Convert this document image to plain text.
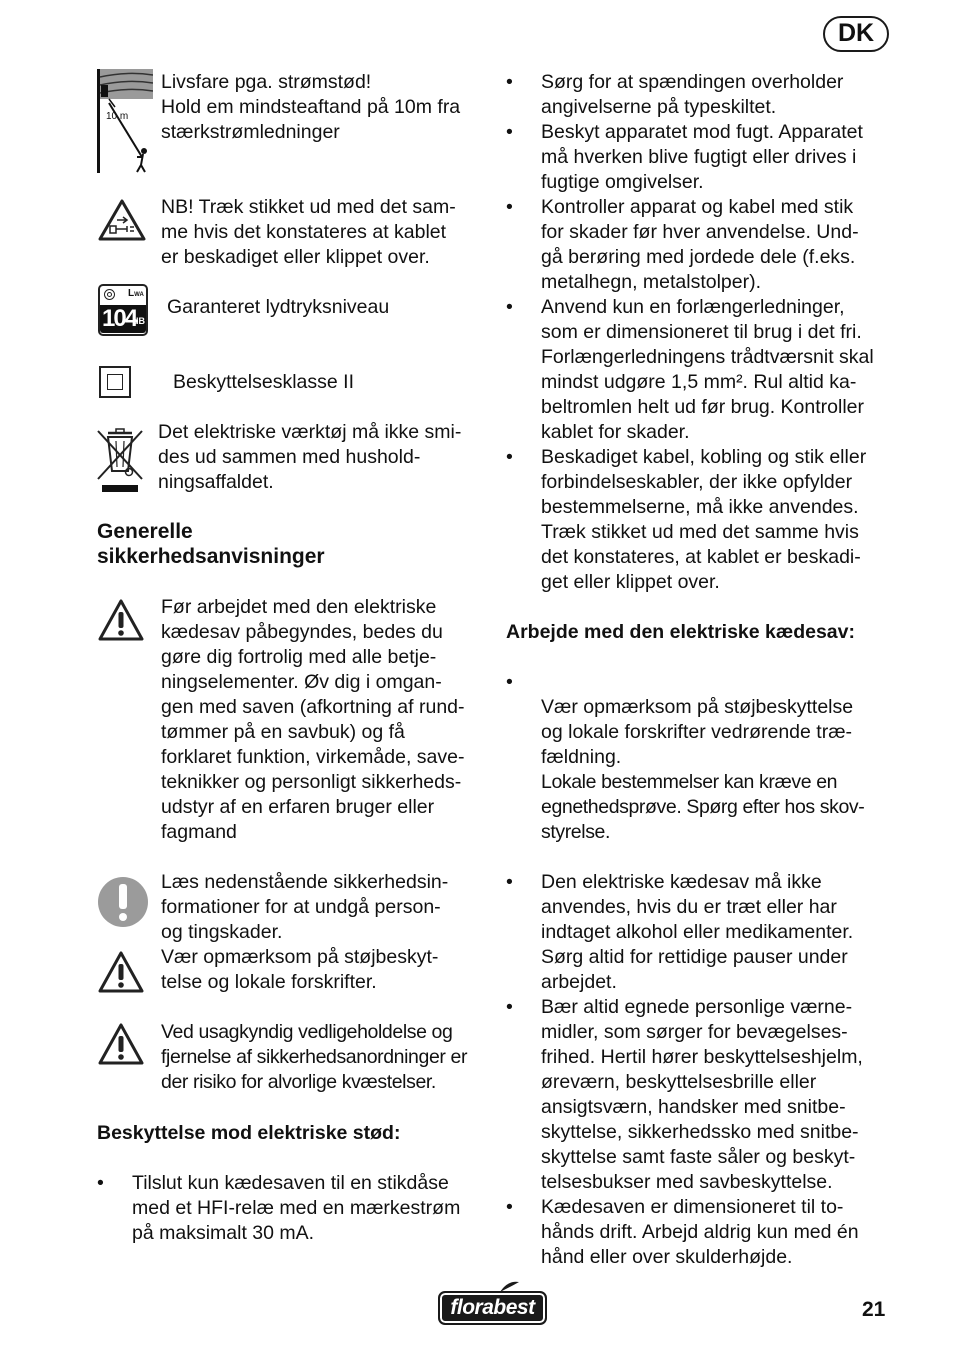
DK
10 m
Livsfare pga. strømstød!
Hold em mindsteaftand på 10m fra
stærkstrømledninger
NB! Træk stikket ud med det sam-
me hvis det konstateres at kablet
er beskadiget eller klippet over.
LWA
104
dB
Garanteret lydtryksniveau
Beskyttelsesklasse II
Det elektriske værktøj må ikke smi-
des ud sammen med hushold-
ningsaffaldet.
Generelle
sikkerhedsanvisninger
Før arbejdet med den elektriske
kædesav påbegyndes, bedes du
gøre dig fortrolig med alle betje-
ningselementer. Øv dig i omgan-
gen med saven (afkortning af rund-
tømmer på en savbuk) og få
forklaret funktion, virkemåde, save-
teknikker og personligt sikkerheds-
udstyr af en erfaren bruger eller
fagmand
Læs nedenstående sikkerhedsin-
formationer for at undgå person-
og tingskader.
Vær opmærksom på støjbeskyt-
telse og lokale forskrifter.
Ved usagkyndig vedligeholdelse og
fjernelse af sikkerhedsanordninger er
der risiko for alvorlige kvæstelser.
Beskyttelse mod elektriske stød:
• Tilslut kun kædesaven til en stikdåse
med et HFI-relæ med en mærkestrøm
på maksimalt 30 mA.
• Sørg for at spændingen overholder
angivelserne på typeskiltet.
• Beskyt apparatet mod fugt. Apparatet
må hverken blive fugtigt eller drives i
fugtige omgivelser.
• Kontroller apparat og kabel med stik
for skader før hver anvendelse. Und-
gå berøring med jordede dele (f.eks.
metalhegn, metalstolper).
• Anvend kun en forlængerledninger,
som er dimensioneret til brug i det fri.
Forlængerledningens trådtværsnit skal
mindst udgøre 1,5 mm². Rul altid ka-
beltromlen helt ud før brug. Kontroller
kablet for skader.
• Beskadiget kabel, kobling og stik eller
forbindelseskabler, der ikke opfylder
bestemmelserne, må ikke anvendes.
Træk stikket ud med det samme hvis
det konstateres, at kablet er beskadi-
get eller klippet over.
Arbejde med den elektriske kædesav:

• Vær opmærksom på støjbeskyttelse
og lokale forskrifter vedrørende træ-
fældning.

Lokale bestemmelser kan kræve en
egnethedsprøve. Spørg efter hos skov-
styrelse.

• Den elektriske kædesav må ikke
anvendes, hvis du er træt eller har
indtaget alkohol eller medikamenter.
Sørg altid for rettidige pauser under
arbejdet.
• Bær altid egnede personlige værne-
midler, som sørger for bevægelses-
frihed. Hertil hører beskyttelseshjelm,
øreværn, beskyttelsesbrille eller
ansigtsværn, handsker med snitbe-
skyttelse, sikkerhedssko med snitbe-
skyttelse samt faste såler og beskyt-
telsesbukser med savbeskyttelse.
• Kædesaven er dimensioneret til to-
hånds drift. Arbejd aldrig kun med én
hånd eller over skulderhøjde.
florabest	21
